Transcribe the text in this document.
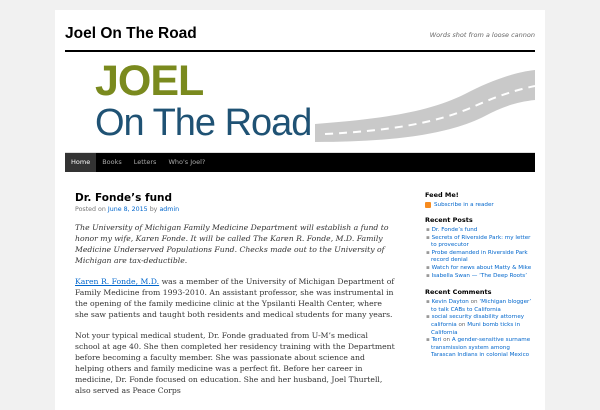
Joel On The Road	Words shot from a loose cannon
JOEL
On The Road
Home	Books	Letters	Who's Joel?
Dr. Fonde’s fund
Posted on June 8, 2015 by admin

The University of Michigan Family Medicine Department will establish a fund to honor my wife, Karen Fonde. It will be called The Karen R. Fonde, M.D. Family Medicine Underserved Populations Fund. Checks made out to the University of Michigan are tax-deductible.

Karen R. Fonde, M.D. was a member of the University of Michigan Department of Family Medicine from 1993-2010. An assistant professor, she was instrumental in the opening of the family medicine clinic at the Ypsilanti Health Center, where she saw patients and taught both residents and medical students for many years.

Not your typical medical student, Dr. Fonde graduated from U-M’s medical school at age 40. She then completed her residency training with the Department before becoming a faculty member. She was passionate about science and helping others and family medicine was a perfect fit. Before her career in medicine, Dr. Fonde focused on education. She and her husband, Joel Thurtell, also served as Peace Corps

Feed Me!
Subscribe in a reader
Recent Posts
▪ Dr. Fonde’s fund
▪ Secrets of Riverside Park: my letter to provecutor
▪ Probe demanded in Riverside Park record denial
▪ Watch for news about Matty & Mike
▪ Isabella Swan — ‘The Deep Roots’
Recent Comments
▪ Kevin Dayton on ‘Michigan blogger’ to talk CABs to California
▪ social security disability attorney california on Muni bomb ticks in California
▪ Teri on A gender-sensitive surname transmission system among Tarascan Indians in colonial Mexico
